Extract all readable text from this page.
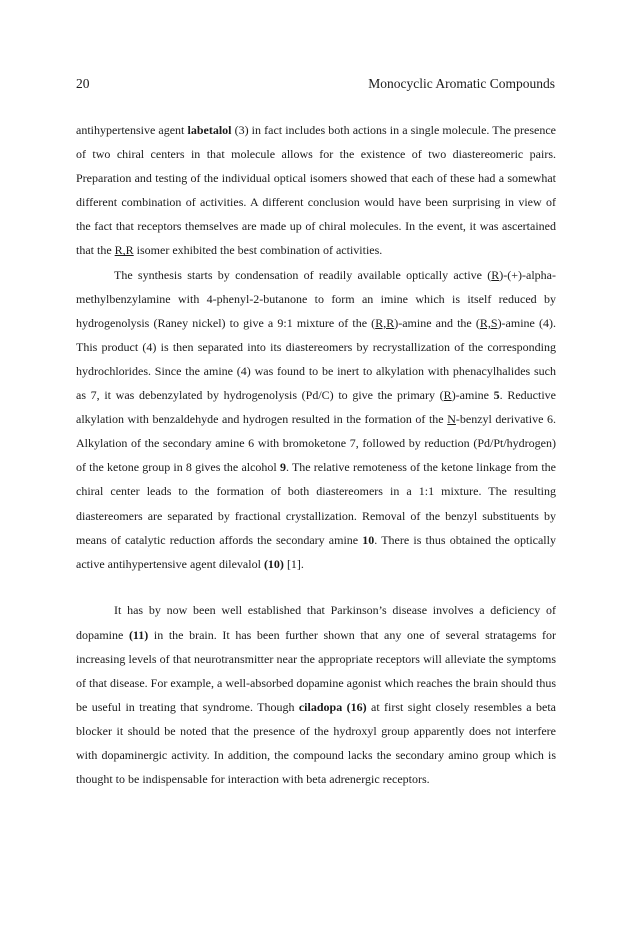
20	Monocyclic Aromatic Compounds

antihypertensive agent labetalol (3) in fact includes both actions in a single molecule. The presence of two chiral centers in that molecule allows for the existence of two diastereomeric pairs. Preparation and testing of the individual optical isomers showed that each of these had a somewhat different combination of activities. A different conclusion would have been surprising in view of the fact that receptors themselves are made up of chiral molecules. In the event, it was ascertained that the R,R isomer exhibited the best combination of activities.

The synthesis starts by condensation of readily available optically active (R)-(+)-alpha-methylbenzylamine with 4-phenyl-2-butanone to form an imine which is itself reduced by hydrogenolysis (Raney nickel) to give a 9:1 mixture of the (R,R)-amine and the (R,S)-amine (4). This product (4) is then separated into its diastereomers by recrystallization of the corresponding hydrochlorides. Since the amine (4) was found to be inert to alkylation with phenacylhalides such as 7, it was debenzylated by hydrogenolysis (Pd/C) to give the primary (R)-amine 5. Reductive alkylation with benzaldehyde and hydrogen resulted in the formation of the N-benzyl derivative 6. Alkylation of the secondary amine 6 with bromoketone 7, followed by reduction (Pd/Pt/hydrogen) of the ketone group in 8 gives the alcohol 9. The relative remoteness of the ketone linkage from the chiral center leads to the formation of both diastereomers in a 1:1 mixture. The resulting diastereomers are separated by fractional crystallization. Removal of the benzyl substituents by means of catalytic reduction affords the secondary amine 10. There is thus obtained the optically active antihypertensive agent dilevalol (10) [1].

It has by now been well established that Parkinson’s disease involves a deficiency of dopamine (11) in the brain. It has been further shown that any one of several stratagems for increasing levels of that neurotransmitter near the appropriate receptors will alleviate the symptoms of that disease. For example, a well-absorbed dopamine agonist which reaches the brain should thus be useful in treating that syndrome. Though ciladopa (16) at first sight closely resembles a beta blocker it should be noted that the presence of the hydroxyl group apparently does not interfere with dopaminergic activity. In addition, the compound lacks the secondary amino group which is thought to be indispensable for interaction with beta adrenergic receptors.
